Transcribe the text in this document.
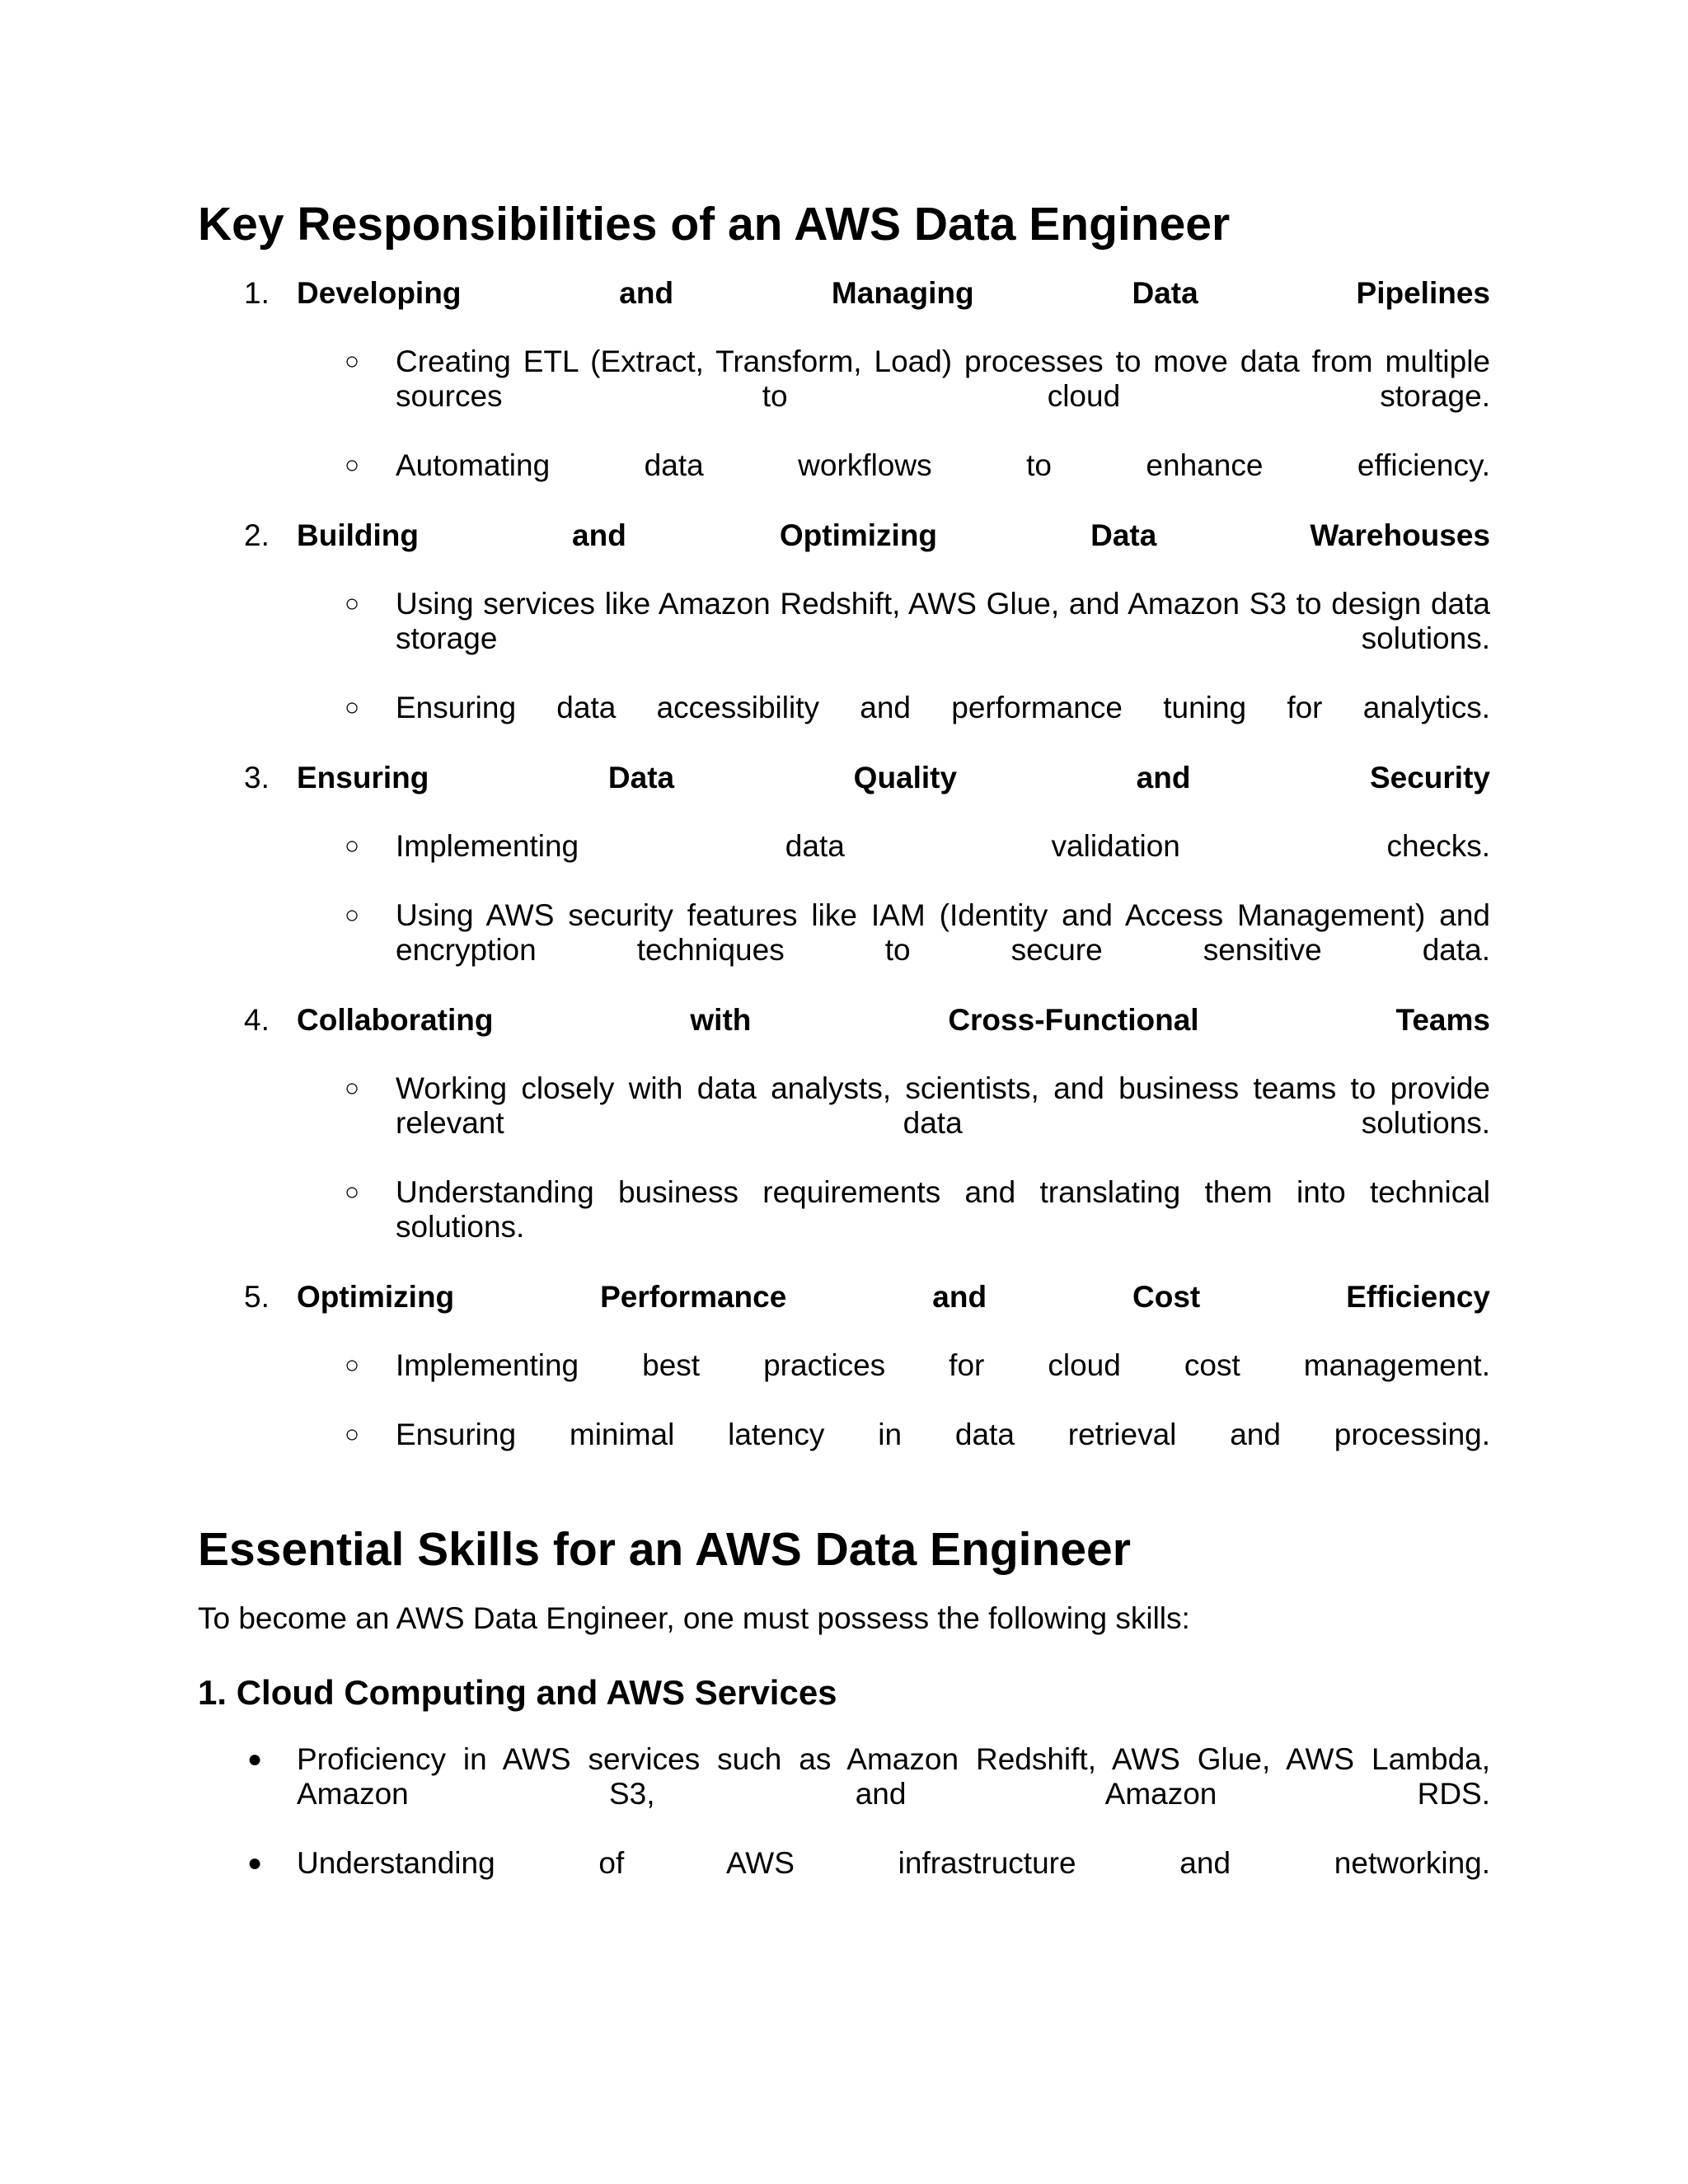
Key Responsibilities of an AWS Data Engineer
1. Developing and Managing Data Pipelines
○ Creating ETL (Extract, Transform, Load) processes to move data from multiple sources to cloud storage.
○ Automating data workflows to enhance efficiency.
2. Building and Optimizing Data Warehouses
○ Using services like Amazon Redshift, AWS Glue, and Amazon S3 to design data storage solutions.
○ Ensuring data accessibility and performance tuning for analytics.
3. Ensuring Data Quality and Security
○ Implementing data validation checks.
○ Using AWS security features like IAM (Identity and Access Management) and encryption techniques to secure sensitive data.
4. Collaborating with Cross-Functional Teams
○ Working closely with data analysts, scientists, and business teams to provide relevant data solutions.
○ Understanding business requirements and translating them into technical solutions.
5. Optimizing Performance and Cost Efficiency
○ Implementing best practices for cloud cost management.
○ Ensuring minimal latency in data retrieval and processing.
Essential Skills for an AWS Data Engineer

To become an AWS Data Engineer, one must possess the following skills:

1. Cloud Computing and AWS Services
● Proficiency in AWS services such as Amazon Redshift, AWS Glue, AWS Lambda, Amazon S3, and Amazon RDS.
● Understanding of AWS infrastructure and networking.
